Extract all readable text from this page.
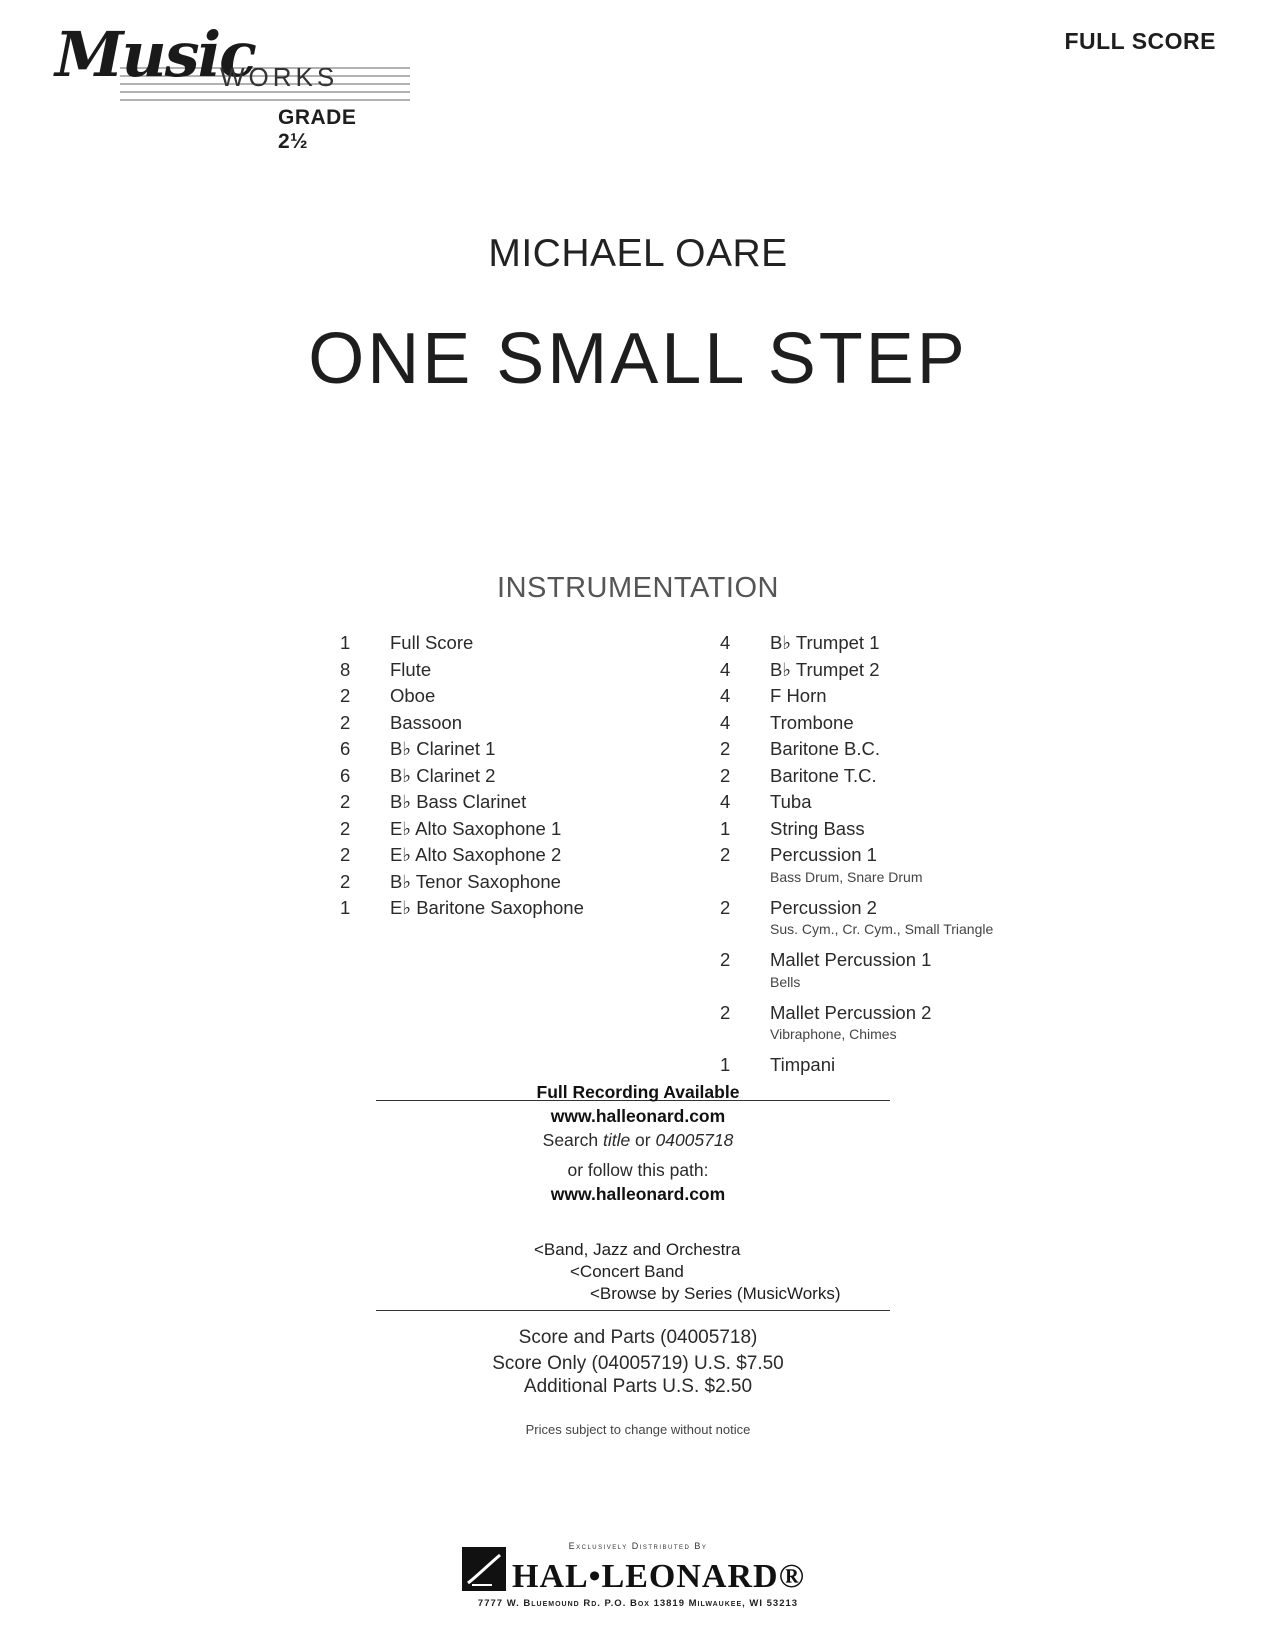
Music
WORKS
GRADE 2½
FULL SCORE
MICHAEL OARE
ONE SMALL STEP
INSTRUMENTATION
1	Full Score
8	Flute
2	Oboe
2	Bassoon
6	B♭ Clarinet 1
6	B♭ Clarinet 2
2	B♭ Bass Clarinet
2	E♭ Alto Saxophone 1
2	E♭ Alto Saxophone 2
2	B♭ Tenor Saxophone
1	E♭ Baritone Saxophone
4	B♭ Trumpet 1
4	B♭ Trumpet 2
4	F Horn
4	Trombone
2	Baritone B.C.
2	Baritone T.C.
4	Tuba
1	String Bass
2	Percussion 1
Bass Drum, Snare Drum
2	Percussion 2
Sus. Cym., Cr. Cym., Small Triangle
2	Mallet Percussion 1
Bells
2	Mallet Percussion 2
Vibraphone, Chimes
1	Timpani
Full Recording Available
www.halleonard.com
Search title or 04005718
or follow this path:
www.halleonard.com
<Band, Jazz and Orchestra
<Concert Band
<Browse by Series (MusicWorks)
Score and Parts (04005718)
Score Only (04005719) U.S. $7.50
Additional Parts U.S. $2.50
Prices subject to change without notice
Exclusively Distributed By
HAL•LEONARD®
7777 W. Bluemound Rd. P.O. Box 13819 Milwaukee, WI 53213
